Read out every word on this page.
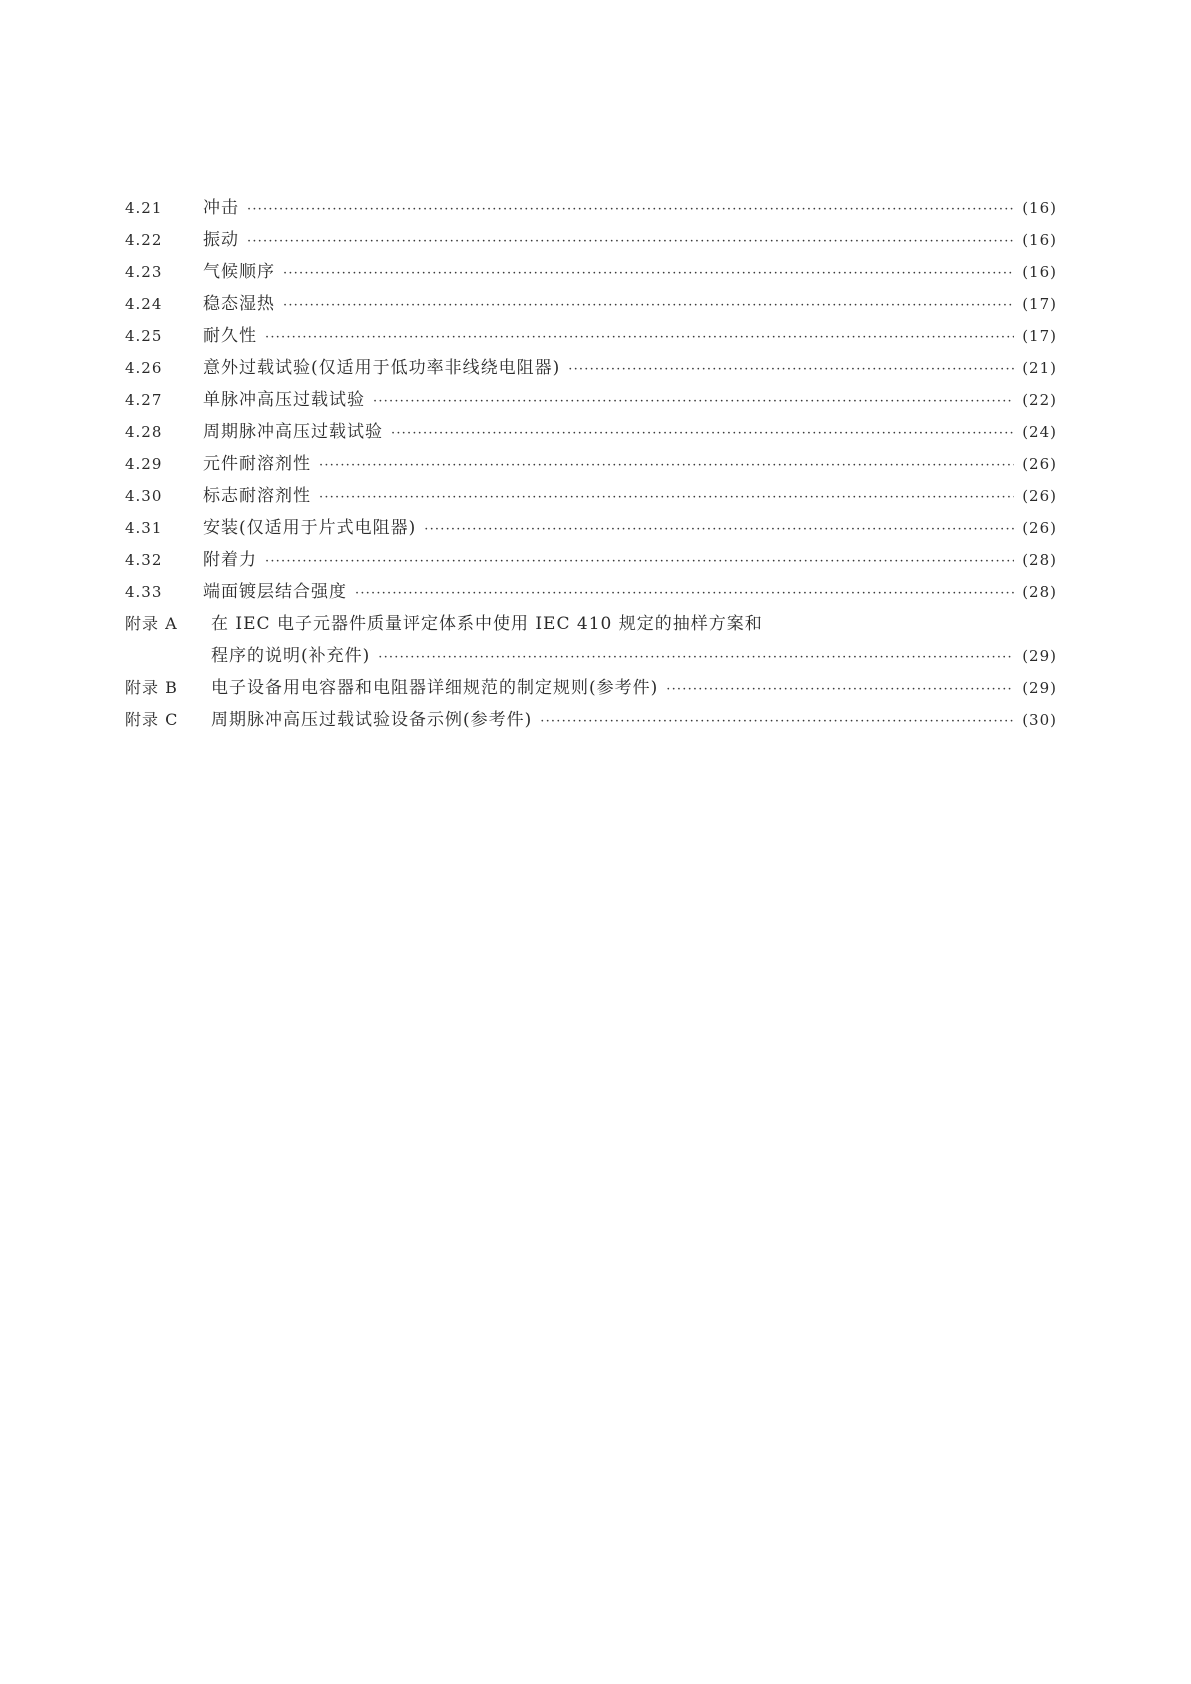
4.21	冲击 ·····	(16)
4.22	振动 ·····	(16)
4.23	气候顺序 ·····	(16)
4.24	稳态湿热 ·····	(17)
4.25	耐久性 ·····	(17)
4.26	意外过载试验(仅适用于低功率非线绕电阻器) ·····	(21)
4.27	单脉冲高压过载试验 ·····	(22)
4.28	周期脉冲高压过载试验 ·····	(24)
4.29	元件耐溶剂性 ·····	(26)
4.30	标志耐溶剂性 ·····	(26)
4.31	安装(仅适用于片式电阻器) ·····	(26)
4.32	附着力 ·····	(28)
4.33	端面镀层结合强度 ·····	(28)
附录 A	在 IEC 电子元器件质量评定体系中使用 IEC 410 规定的抽样方案和
程序的说明(补充件) ·····	(29)
附录 B	电子设备用电容器和电阻器详细规范的制定规则(参考件) ·····	(29)
附录 C	周期脉冲高压过载试验设备示例(参考件) ·····	(30)
